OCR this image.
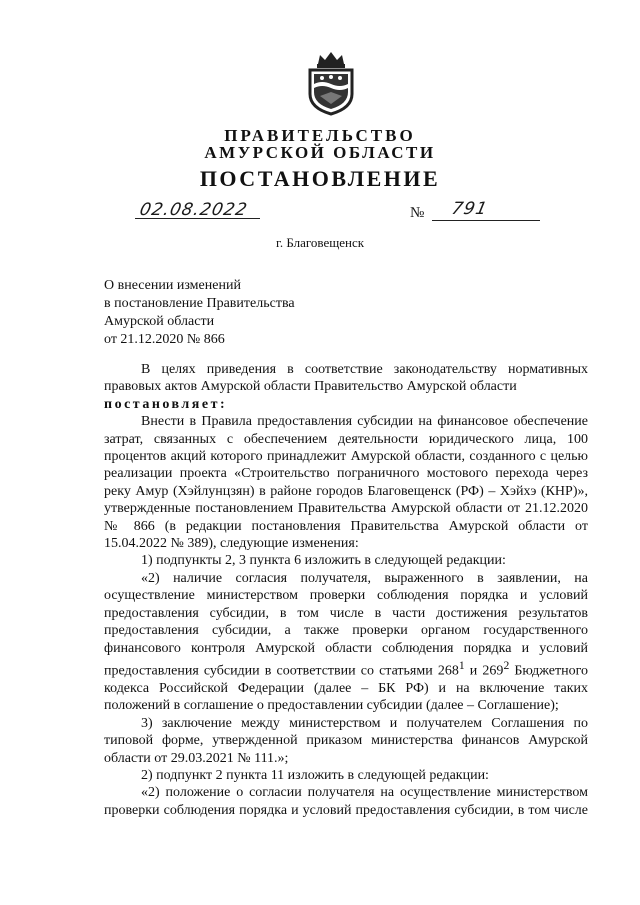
ПРАВИТЕЛЬСТВО
АМУРСКОЙ ОБЛАСТИ
ПОСТАНОВЛЕНИЕ
02.08.2022	№ 791
г. Благовещенск
О внесении изменений
в постановление Правительства
Амурской области
от 21.12.2020 № 866

В целях приведения в соответствие законодательству нормативных правовых актов Амурской области Правительство Амурской области

постановляет:

Внести в Правила предоставления субсидии на финансовое обеспечение затрат, связанных с обеспечением деятельности юридического лица, 100 процентов акций которого принадлежит Амурской области, созданного с целью реализации проекта «Строительство пограничного мостового перехода через реку Амур (Хэйлунцзян) в районе городов Благовещенск (РФ) – Хэйхэ (КНР)», утвержденные постановлением Правительства Амурской области от 21.12.2020 № 866 (в редакции постановления Правительства Амурской области от 15.04.2022 № 389), следующие изменения:

1) подпункты 2, 3 пункта 6 изложить в следующей редакции:

«2) наличие согласия получателя, выраженного в заявлении, на осуществление министерством проверки соблюдения порядка и условий предоставления субсидии, в том числе в части достижения результатов предоставления субсидии, а также проверки органом государственного финансового контроля Амурской области соблюдения порядка и условий предоставления субсидии в соответствии со статьями $268^1$ и $269^2$ Бюджетного кодекса Российской Федерации (далее – БК РФ) и на включение таких положений в соглашение о предоставлении субсидии (далее – Соглашение);

3) заключение между министерством и получателем Соглашения по типовой форме, утвержденной приказом министерства финансов Амурской области от 29.03.2021 № 111.»;

2) подпункт 2 пункта 11 изложить в следующей редакции:

«2) положение о согласии получателя на осуществление министерством проверки соблюдения порядка и условий предоставления субсидии, в том числе
